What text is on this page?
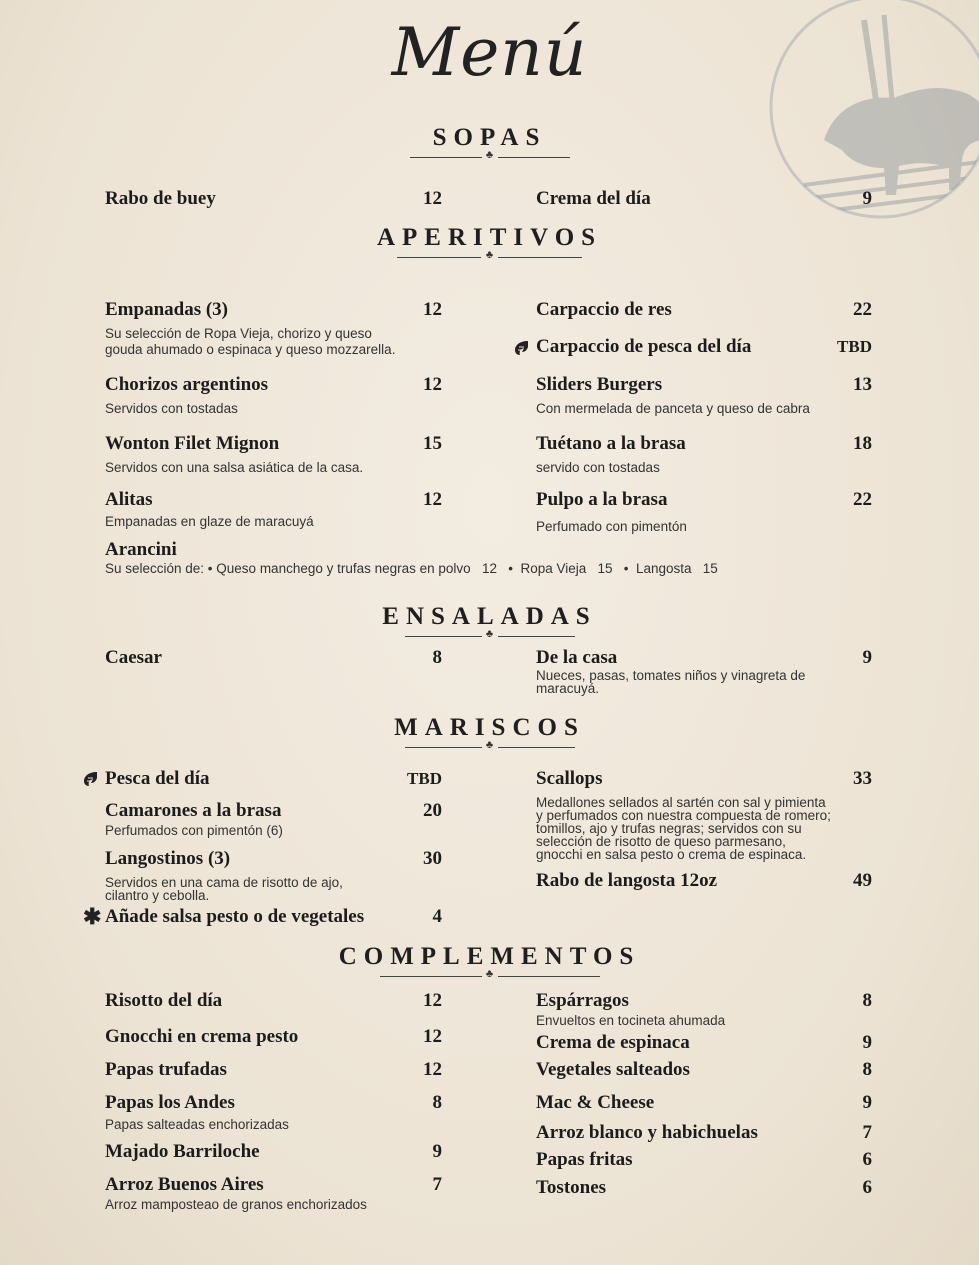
Menú
SOPAS
♣
Rabo de buey	12	Crema del día	9
APERITIVOS
♣
Empanadas (3)	12
Su selección de Ropa Vieja, chorizo y queso
gouda ahumado o espinaca y queso mozzarella.
Chorizos argentinos	12
Servidos con tostadas
Wonton Filet Mignon	15
Servidos con una salsa asiática de la casa.
Alitas	12
Empanadas en glaze de maracuyá
Carpaccio de res	22
Carpaccio de pesca del día	TBD
Sliders Burgers	13
Con mermelada de panceta y queso de cabra
Tuétano a la brasa	18
servido con tostadas
Pulpo a la brasa	22
Perfumado con pimentón
Arancini
Su selección de: • Queso manchego y trufas negras en polvo   12   •  Ropa Vieja   15   •  Langosta   15
ENSALADAS
♣
Caesar	8	De la casa	9
Nueces, pasas, tomates niños y vinagreta de
maracuyá.
MARISCOS
♣
Pesca del día	TBD
Camarones a la brasa	20
Perfumados con pimentón (6)
Langostinos (3)	30
Servidos en una cama de risotto de ajo,
cilantro y cebolla.
✱ Añade salsa pesto o de vegetales	4
Scallops	33
Medallones sellados al sartén con sal y pimienta
y perfumados con nuestra compuesta de romero;
tomillos, ajo y trufas negras; servidos con su
selección de risotto de queso parmesano,
gnocchi en salsa pesto o crema de espinaca.
Rabo de langosta 12oz	49
COMPLEMENTOS
♣
Risotto del día	12
Gnocchi en crema pesto	12
Papas trufadas	12
Papas los Andes	8
Papas salteadas enchorizadas
Majado Barriloche	9
Arroz Buenos Aires	7
Arroz mamposteao de granos enchorizados
Espárragos	8
Envueltos en tocineta ahumada
Crema de espinaca	9
Vegetales salteados	8
Mac & Cheese	9
Arroz blanco y habichuelas	7
Papas fritas	6
Tostones	6
